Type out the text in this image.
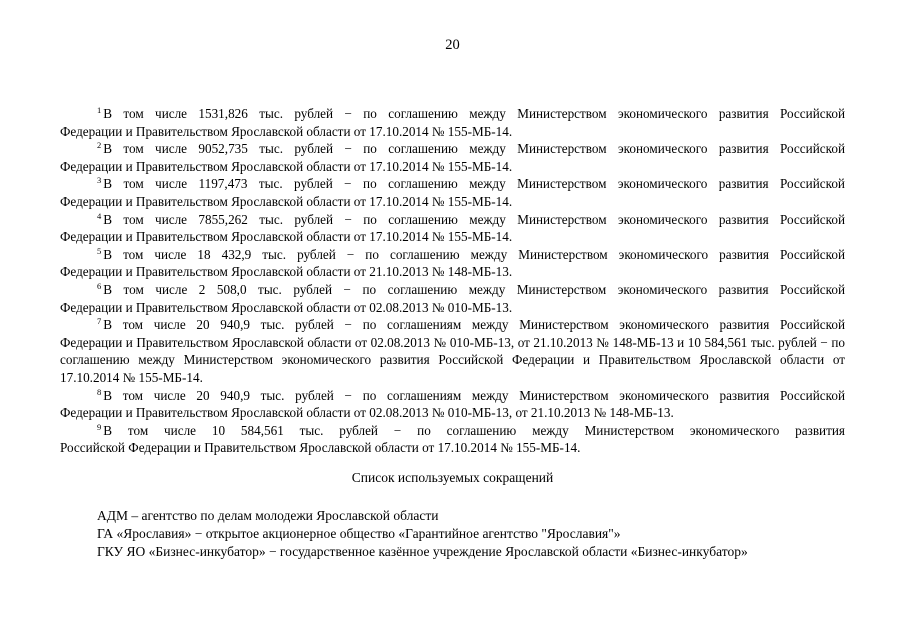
20
$^1$ В том числе 1531,826 тыс. рублей − по соглашению между Министерством экономического развития Российской
Федерации и Правительством Ярославской области от 17.10.2014 № 155-МБ-14.
$^2$ В том числе 9052,735 тыс. рублей − по соглашению между Министерством экономического развития Российской
Федерации и Правительством Ярославской области от 17.10.2014 № 155-МБ-14.
$^3$ В том числе 1197,473 тыс. рублей − по соглашению между Министерством экономического развития Российской
Федерации и Правительством Ярославской области от 17.10.2014 № 155-МБ-14.
$^4$ В том числе 7855,262 тыс. рублей − по соглашению между Министерством экономического развития Российской
Федерации и Правительством Ярославской области от 17.10.2014 № 155-МБ-14.
$^5$ В том числе 18 432,9 тыс. рублей − по соглашению между Министерством экономического развития Российской
Федерации и Правительством Ярославской области от 21.10.2013 № 148-МБ-13.
$^6$ В том числе 2 508,0 тыс. рублей − по соглашению между Министерством экономического развития Российской
Федерации и Правительством Ярославской области от 02.08.2013 № 010-МБ-13.
$^7$ В том числе 20 940,9 тыс. рублей − по соглашениям между Министерством экономического развития Российской
Федерации и Правительством Ярославской области от 02.08.2013 № 010-МБ-13, от 21.10.2013 № 148-МБ-13 и 10 584,561 тыс. рублей − по соглашению между Министерством экономического развития Российской Федерации и Правительством Ярославской области от 17.10.2014 № 155-МБ-14.
$^8$ В том числе 20 940,9 тыс. рублей − по соглашениям между Министерством экономического развития Российской
Федерации и Правительством Ярославской области от 02.08.2013 № 010-МБ-13, от 21.10.2013 № 148-МБ-13.
$^9$ В том числе 10 584,561 тыс. рублей − по соглашению между Министерством экономического развития
Российской Федерации и Правительством Ярославской области от 17.10.2014 № 155-МБ-14.
Список используемых сокращений
АДМ – агентство по делам молодежи Ярославской области
ГА «Ярославия» − открытое акционерное общество «Гарантийное агентство "Ярославия"»
ГКУ ЯО «Бизнес-инкубатор» − государственное казённое учреждение Ярославской области «Бизнес-инкубатор»
